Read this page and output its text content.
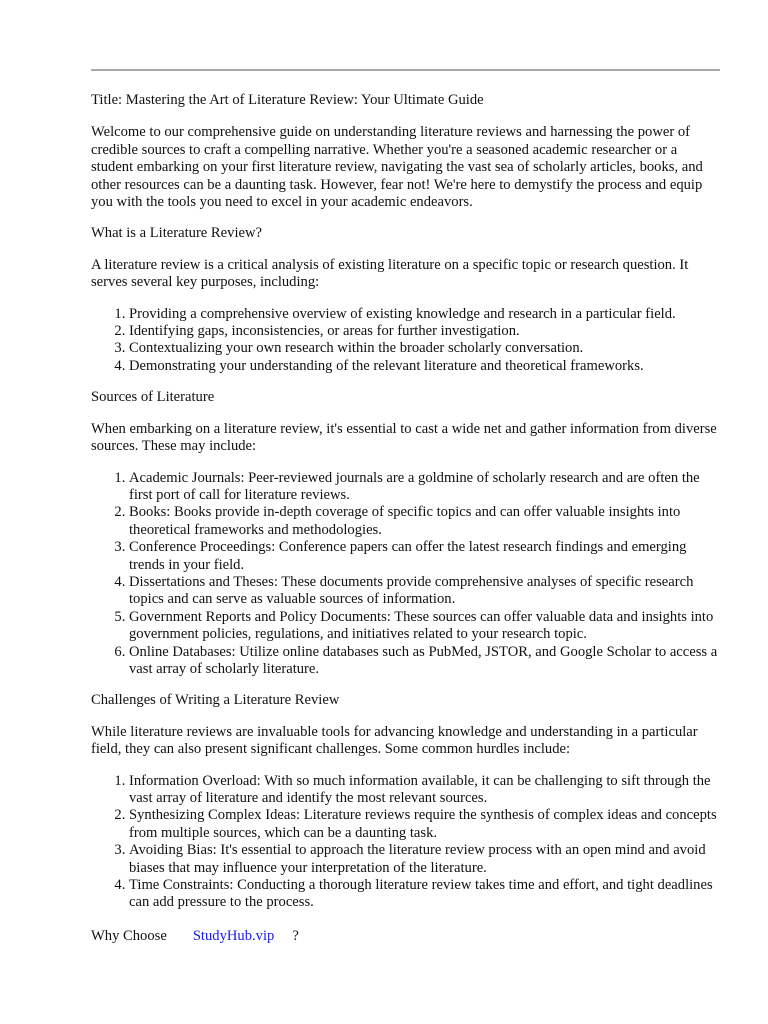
Title: Mastering the Art of Literature Review: Your Ultimate Guide

Welcome to our comprehensive guide on understanding literature reviews and harnessing the power of credible sources to craft a compelling narrative. Whether you're a seasoned academic researcher or a student embarking on your first literature review, navigating the vast sea of scholarly articles, books, and other resources can be a daunting task. However, fear not! We're here to demystify the process and equip you with the tools you need to excel in your academic endeavors.

What is a Literature Review?

A literature review is a critical analysis of existing literature on a specific topic or research question. It serves several key purposes, including:

1. Providing a comprehensive overview of existing knowledge and research in a particular field.
2. Identifying gaps, inconsistencies, or areas for further investigation.
3. Contextualizing your own research within the broader scholarly conversation.
4. Demonstrating your understanding of the relevant literature and theoretical frameworks.

Sources of Literature

When embarking on a literature review, it's essential to cast a wide net and gather information from diverse sources. These may include:

1. Academic Journals: Peer-reviewed journals are a goldmine of scholarly research and are often the first port of call for literature reviews.
2. Books: Books provide in-depth coverage of specific topics and can offer valuable insights into theoretical frameworks and methodologies.
3. Conference Proceedings: Conference papers can offer the latest research findings and emerging trends in your field.
4. Dissertations and Theses: These documents provide comprehensive analyses of specific research topics and can serve as valuable sources of information.
5. Government Reports and Policy Documents: These sources can offer valuable data and insights into government policies, regulations, and initiatives related to your research topic.
6. Online Databases: Utilize online databases such as PubMed, JSTOR, and Google Scholar to access a vast array of scholarly literature.

Challenges of Writing a Literature Review

While literature reviews are invaluable tools for advancing knowledge and understanding in a particular field, they can also present significant challenges. Some common hurdles include:

1. Information Overload: With so much information available, it can be challenging to sift through the vast array of literature and identify the most relevant sources.
2. Synthesizing Complex Ideas: Literature reviews require the synthesis of complex ideas and concepts from multiple sources, which can be a daunting task.
3. Avoiding Bias: It's essential to approach the literature review process with an open mind and avoid biases that may influence your interpretation of the literature.
4. Time Constraints: Conducting a thorough literature review takes time and effort, and tight deadlines can add pressure to the process.
Why Choose StudyHub.vip ?
